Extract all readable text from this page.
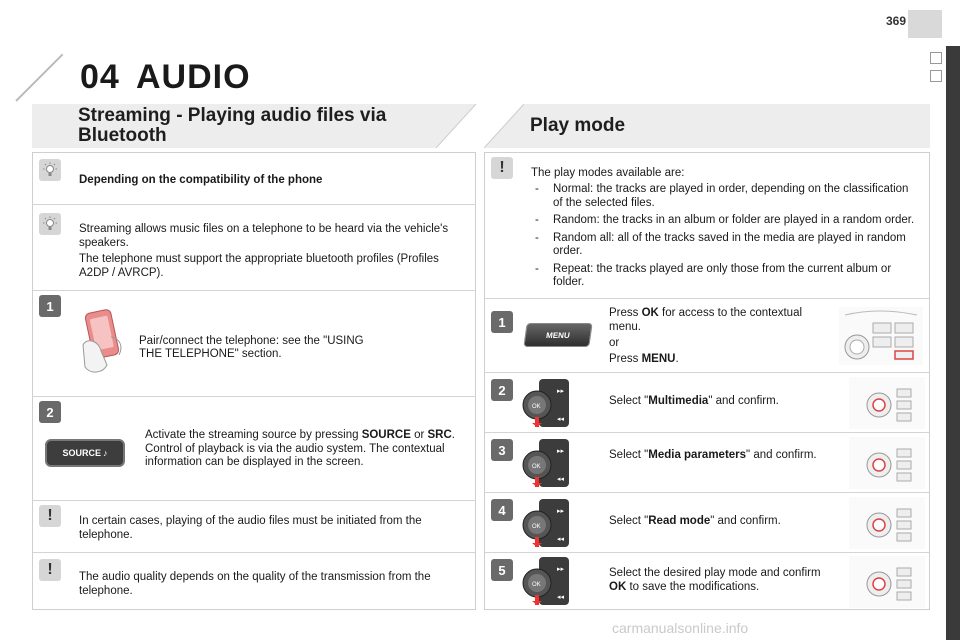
369
04 AUDIO
Streaming - Playing audio files via
Bluetooth
Depending on the compatibility of the phone
Streaming allows music files on a telephone to be heard via the vehicle's speakers.
The telephone must support the appropriate bluetooth profiles (Profiles A2DP / AVRCP).
1
Pair/connect the telephone: see the "USING
THE TELEPHONE" section.
2
SOURCE ♪
Activate the streaming source by pressing SOURCE or SRC. Control of playback is via the audio system. The contextual information can be displayed in the screen.
!	In certain cases, playing of the audio files must be initiated from the telephone.
!	The audio quality depends on the quality of the transmission from the telephone.
Play mode
!	The play modes available are:
-	Normal: the tracks are played in order, depending on the classification of the selected files.
-	Random: the tracks in an album or folder are played in a random order.
-	Random all: all of the tracks saved in the media are played in random order.
-	Repeat: the tracks played are only those from the current album or folder.
1
MENU
Press OK for access to the contextual menu.
or
Press MENU.
2	▸▸
◂◂
OK	Select "Multimedia" and confirm.
3	▸▸
◂◂
OK
Select "Media parameters" and confirm.
4	▸▸
◂◂
OK	Select "Read mode" and confirm.
5	▸▸
◂◂
OK
Select the desired play mode and confirm OK to save the modifications.
carmanualsonline.info
